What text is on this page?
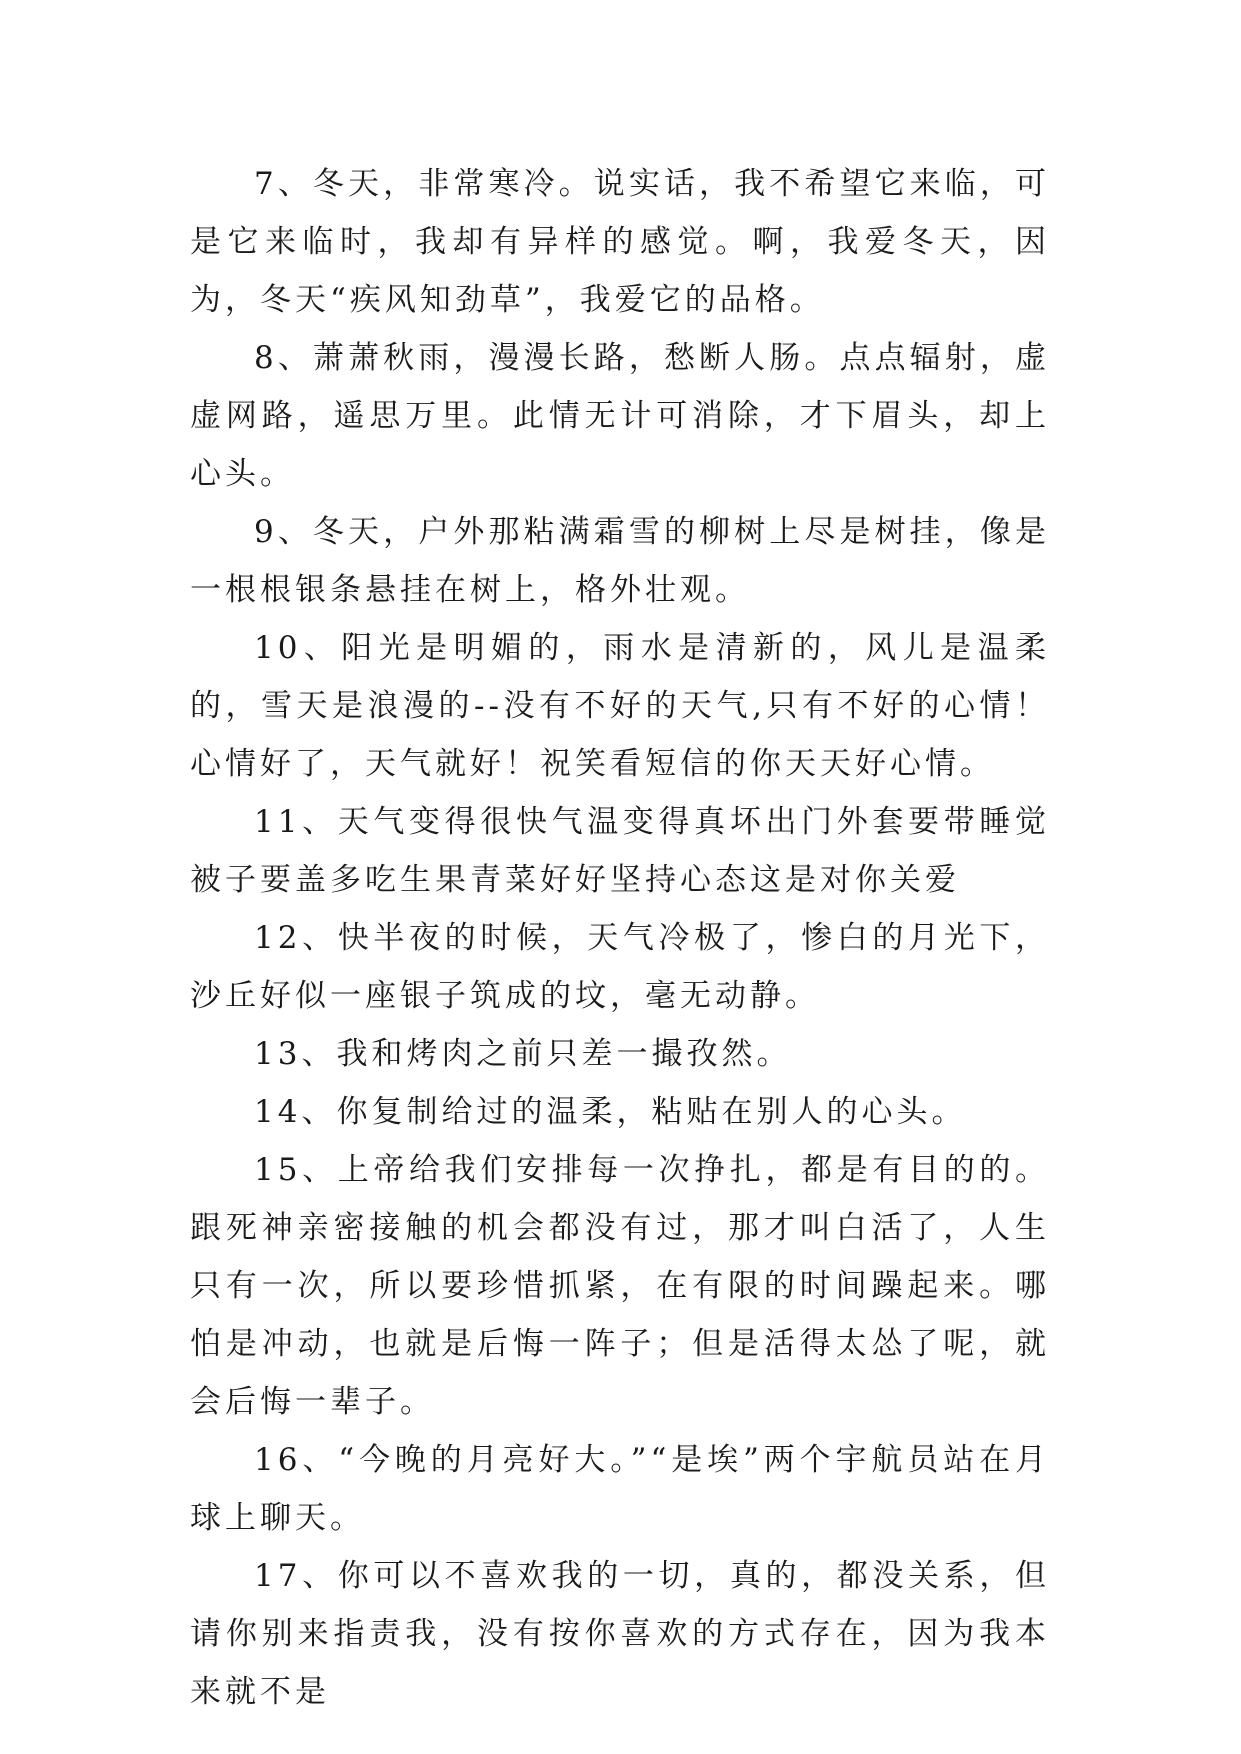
7、冬天，非常寒冷。说实话，我不希望它来临，可是它来临时，我却有异样的感觉。啊，我爱冬天，因为，冬天“疾风知劲草”，我爱它的品格。

8、萧萧秋雨，漫漫长路，愁断人肠。点点辐射，虚虚网路，遥思万里。此情无计可消除，才下眉头，却上心头。

9、冬天，户外那粘满霜雪的柳树上尽是树挂，像是一根根银条悬挂在树上，格外壮观。

10、阳光是明媚的，雨水是清新的，风儿是温柔的，雪天是浪漫的--没有不好的天气,只有不好的心情！心情好了，天气就好！祝笑看短信的你天天好心情。

11、天气变得很快气温变得真坏出门外套要带睡觉被子要盖多吃生果青菜好好坚持心态这是对你关爱

12、快半夜的时候，天气冷极了，惨白的月光下，沙丘好似一座银子筑成的坟，毫无动静。

13、我和烤肉之前只差一撮孜然。

14、你复制给过的温柔，粘贴在别人的心头。

15、上帝给我们安排每一次挣扎，都是有目的的。跟死神亲密接触的机会都没有过，那才叫白活了，人生只有一次，所以要珍惜抓紧，在有限的时间躁起来。哪怕是冲动，也就是后悔一阵子；但是活得太怂了呢，就会后悔一辈子。

16、“今晚的月亮好大。”“是埃”两个宇航员站在月球上聊天。

17、你可以不喜欢我的一切，真的，都没关系，但请你别来指责我，没有按你喜欢的方式存在，因为我本来就不是
